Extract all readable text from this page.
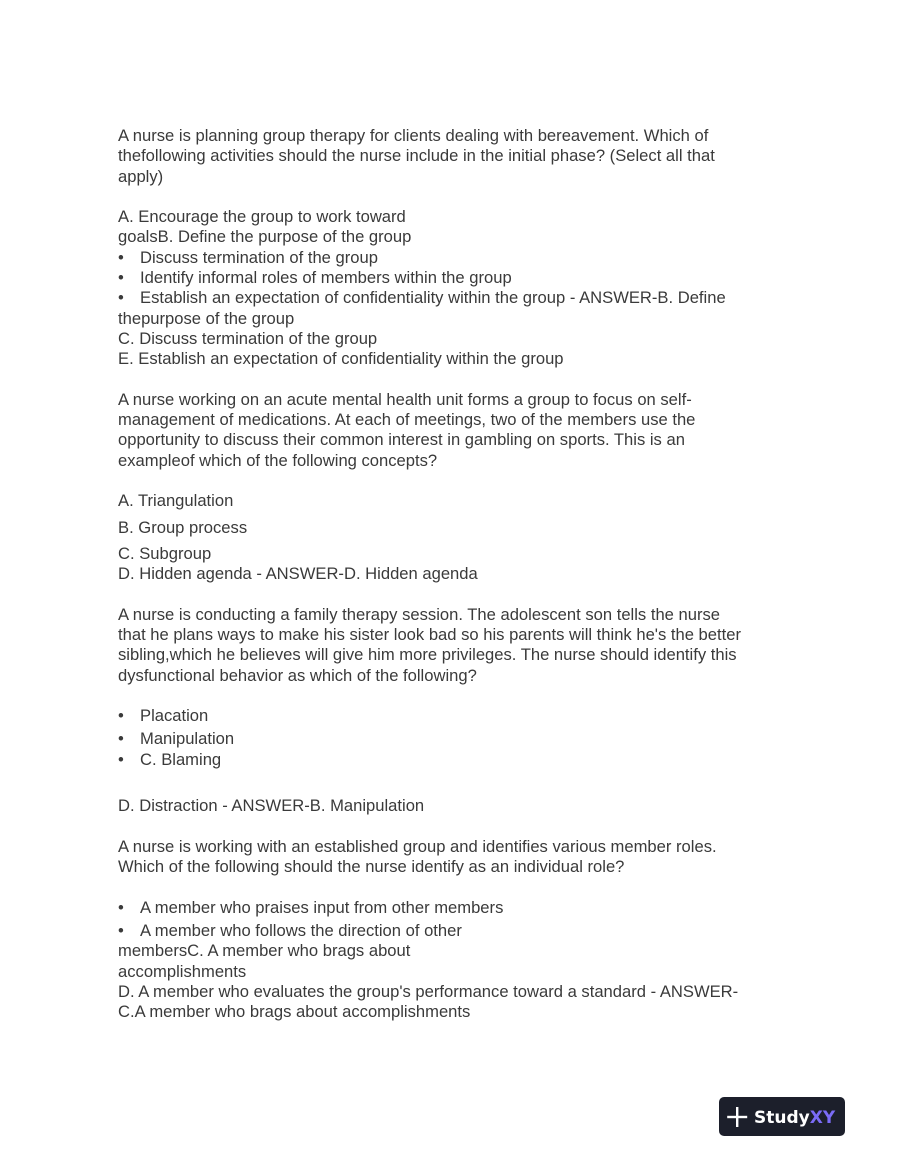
A nurse is planning group therapy for clients dealing with bereavement. Which of
thefollowing activities should the nurse include in the initial phase? (Select all that
apply)
A. Encourage the group to work toward
goalsB. Define the purpose of the group
• Discuss termination of the group
• Identify informal roles of members within the group
• Establish an expectation of confidentiality within the group - ANSWER-B. Define
thepurpose of the group
C. Discuss termination of the group
E. Establish an expectation of confidentiality within the group
A nurse working on an acute mental health unit forms a group to focus on self-
management of medications. At each of meetings, two of the members use the
opportunity to discuss their common interest in gambling on sports. This is an
exampleof which of the following concepts?
A. Triangulation
B. Group process
C. Subgroup
D. Hidden agenda - ANSWER-D. Hidden agenda
A nurse is conducting a family therapy session. The adolescent son tells the nurse
that he plans ways to make his sister look bad so his parents will think he's the better
sibling,which he believes will give him more privileges. The nurse should identify this
dysfunctional behavior as which of the following?
• Placation
• Manipulation
• C. Blaming
D. Distraction - ANSWER-B. Manipulation
A nurse is working with an established group and identifies various member roles.
Which of the following should the nurse identify as an individual role?
• A member who praises input from other members
• A member who follows the direction of other
membersC. A member who brags about
accomplishments
D. A member who evaluates the group's performance toward a standard - ANSWER-
C.A member who brags about accomplishments
StudyXY
